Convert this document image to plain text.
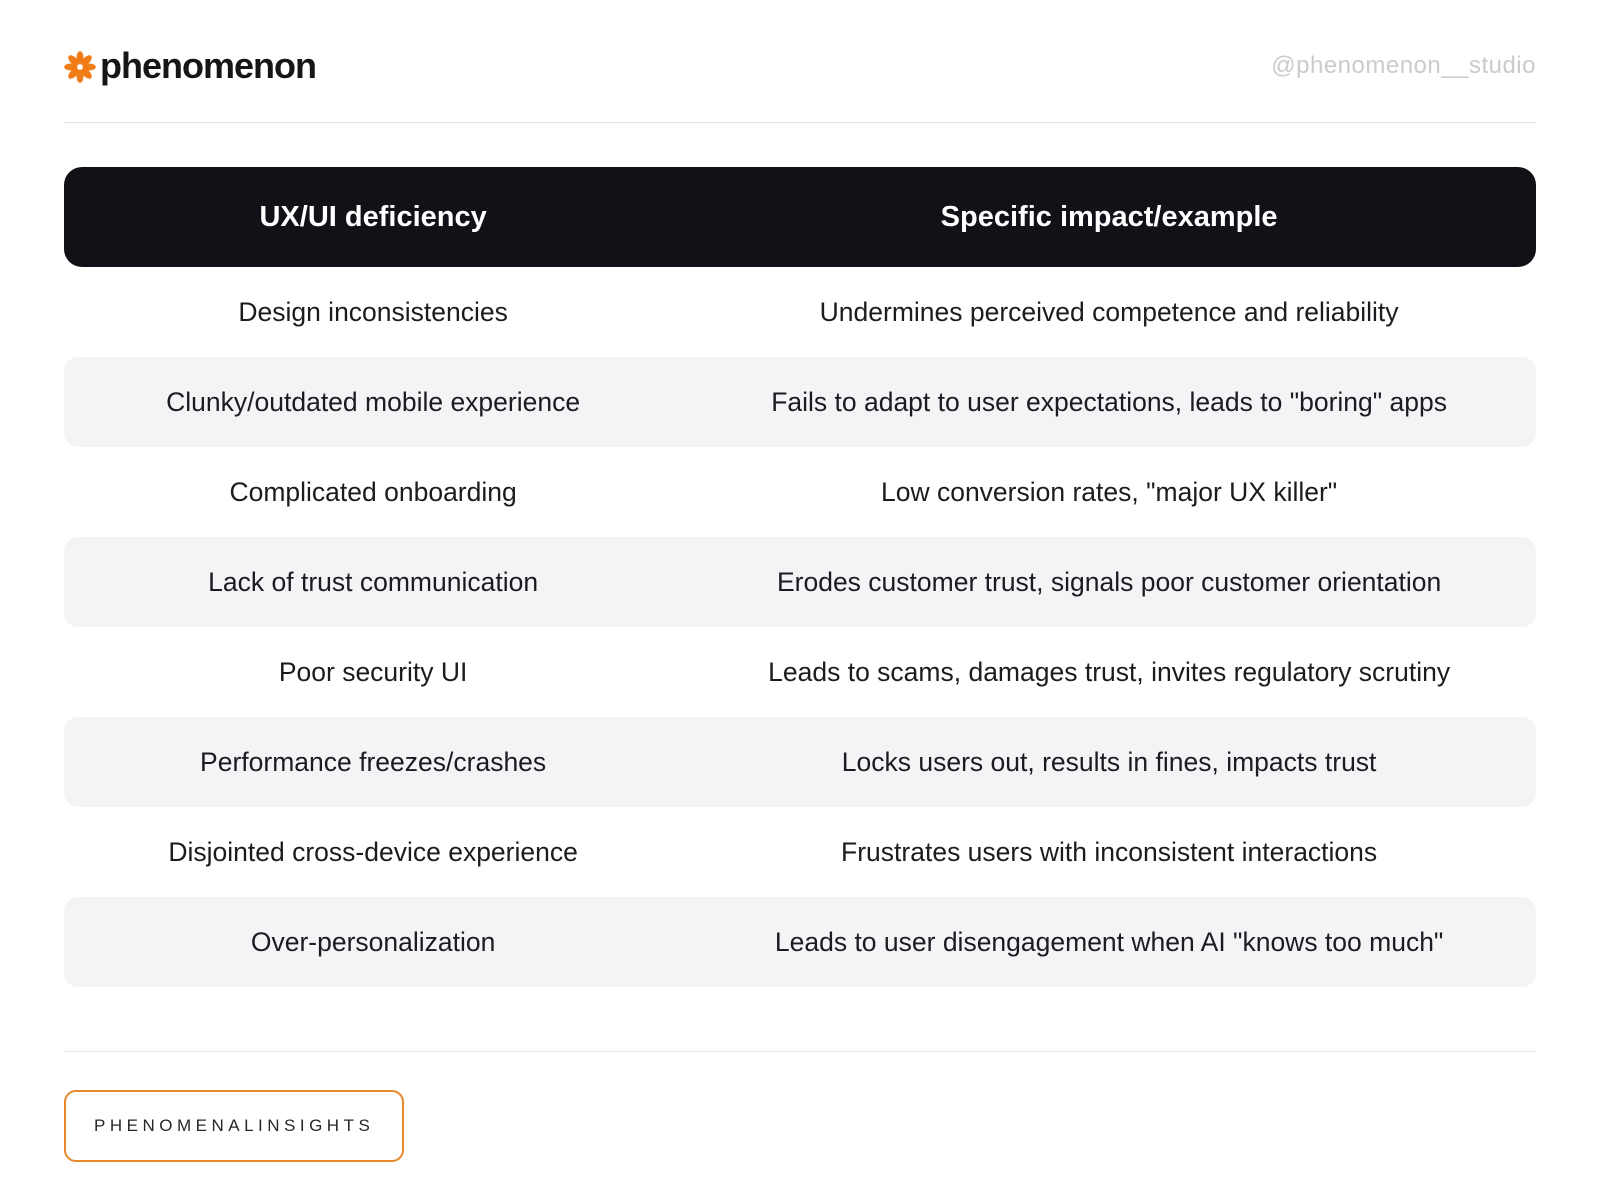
phenomenon	@phenomenon__studio
UX/UI deficiency	Specific impact/example
Design inconsistencies	Undermines perceived competence and reliability
Clunky/outdated mobile experience	Fails to adapt to user expectations, leads to "boring" apps
Complicated onboarding	Low conversion rates, "major UX killer"
Lack of trust communication	Erodes customer trust, signals poor customer orientation
Poor security UI	Leads to scams, damages trust, invites regulatory scrutiny
Performance freezes/crashes	Locks users out, results in fines, impacts trust
Disjointed cross-device experience	Frustrates users with inconsistent interactions
Over-personalization	Leads to user disengagement when AI "knows too much"
PHENOMENALINSIGHTS
